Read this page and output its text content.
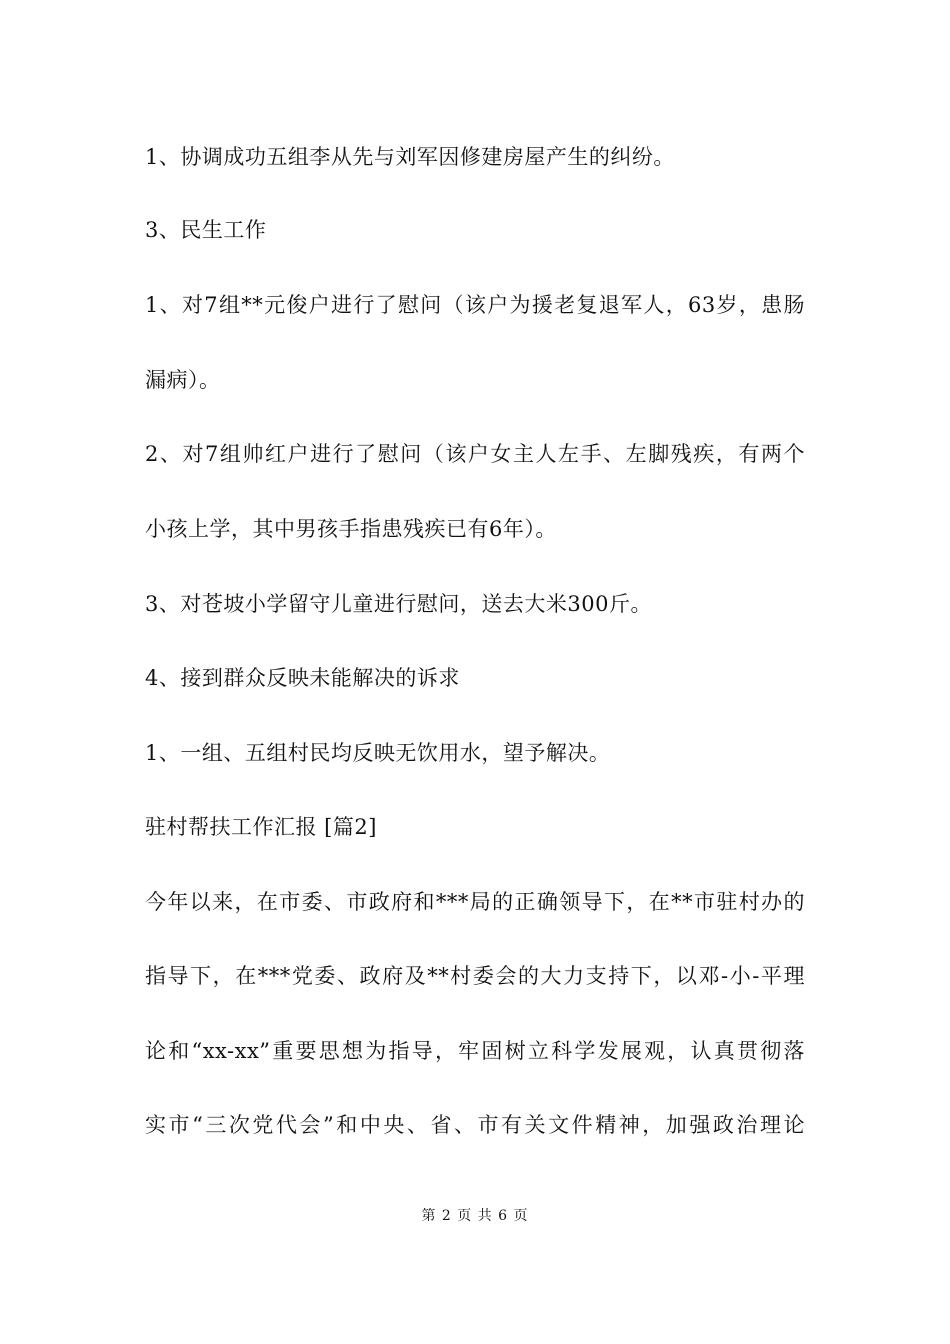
1、协调成功五组李从先与刘军因修建房屋产生的纠纷。
3、民生工作
1、对7组**元俊户进行了慰问（该户为援老复退军人，63岁，患肠
漏病）。
2、对7组帅红户进行了慰问（该户女主人左手、左脚残疾，有两个
小孩上学，其中男孩手指患残疾已有6年）。
3、对苍坡小学留守儿童进行慰问，送去大米300斤。
4、接到群众反映未能解决的诉求
1、一组、五组村民均反映无饮用水，望予解决。
驻村帮扶工作汇报 [篇2]
今年以来，在市委、市政府和***局的正确领导下，在**市驻村办的
指导下，在***党委、政府及**村委会的大力支持下，以邓-小-平理
论和“xx-xx”重要思想为指导，牢固树立科学发展观，认真贯彻落
实市“三次党代会”和中央、省、市有关文件精神，加强政治理论
第 2 页 共 6 页
